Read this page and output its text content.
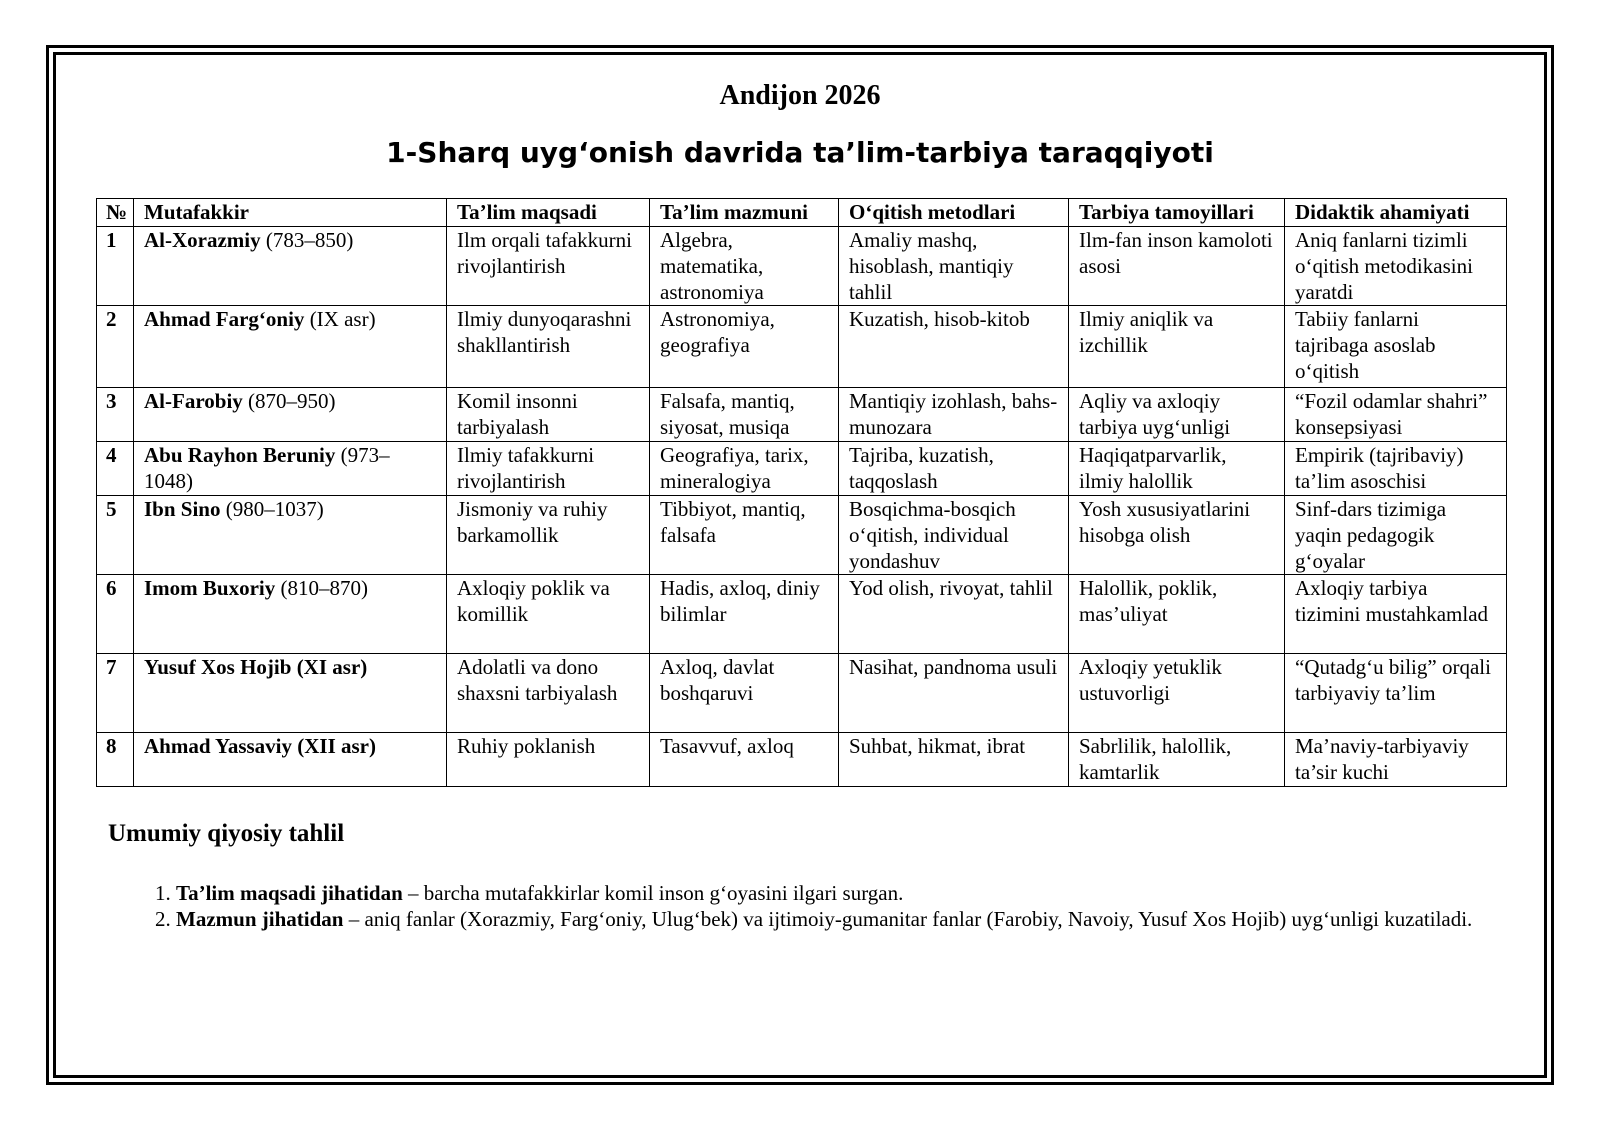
Andijon 2026
1-Sharq uyg‘onish davrida ta’lim-tarbiya taraqqiyoti
№	Mutafakkir	Ta’lim maqsadi	Ta’lim mazmuni	O‘qitish metodlari	Tarbiya tamoyillari	Didaktik ahamiyati
1	Al-Xorazmiy (783–850)	Ilm orqali tafakkurni rivojlantirish	Algebra, matematika, astronomiya	Amaliy mashq, hisoblash, mantiqiy tahlil	Ilm-fan inson kamoloti asosi	Aniq fanlarni tizimli o‘qitish metodikasini yaratdi
2	Ahmad Farg‘oniy (IX asr)	Ilmiy dunyoqarashni shakllantirish	Astronomiya, geografiya	Kuzatish, hisob-kitob	Ilmiy aniqlik va izchillik	Tabiiy fanlarni tajribaga asoslab o‘qitish
3	Al-Farobiy (870–950)	Komil insonni tarbiyalash	Falsafa, mantiq, siyosat, musiqa	Mantiqiy izohlash, bahs-munozara	Aqliy va axloqiy tarbiya uyg‘unligi	“Fozil odamlar shahri” konsepsiyasi
4	Abu Rayhon Beruniy (973–1048)	Ilmiy tafakkurni rivojlantirish	Geografiya, tarix, mineralogiya	Tajriba, kuzatish, taqqoslash	Haqiqatparvarlik, ilmiy halollik	Empirik (tajribaviy) ta’lim asoschisi
5	Ibn Sino (980–1037)	Jismoniy va ruhiy barkamollik	Tibbiyot, mantiq, falsafa	Bosqichma-bosqich o‘qitish, individual yondashuv	Yosh xususiyatlarini hisobga olish	Sinf-dars tizimiga yaqin pedagogik g‘oyalar
6	Imom Buxoriy (810–870)	Axloqiy poklik va komillik	Hadis, axloq, diniy bilimlar	Yod olish, rivoyat, tahlil	Halollik, poklik, mas’uliyat	Axloqiy tarbiya tizimini mustahkamlad
7	Yusuf Xos Hojib (XI asr)	Adolatli va dono shaxsni tarbiyalash	Axloq, davlat boshqaruvi	Nasihat, pandnoma usuli	Axloqiy yetuklik ustuvorligi	“Qutadg‘u bilig” orqali tarbiyaviy ta’lim
8	Ahmad Yassaviy (XII asr)	Ruhiy poklanish	Tasavvuf, axloq	Suhbat, hikmat, ibrat	Sabrlilik, halollik, kamtarlik	Ma’naviy-tarbiyaviy ta’sir kuchi
Umumiy qiyosiy tahlil
1. Ta’lim maqsadi jihatidan – barcha mutafakkirlar komil inson g‘oyasini ilgari surgan.
2. Mazmun jihatidan – aniq fanlar (Xorazmiy, Farg‘oniy, Ulug‘bek) va ijtimoiy-gumanitar fanlar (Farobiy, Navoiy, Yusuf Xos Hojib) uyg‘unligi kuzatiladi.
